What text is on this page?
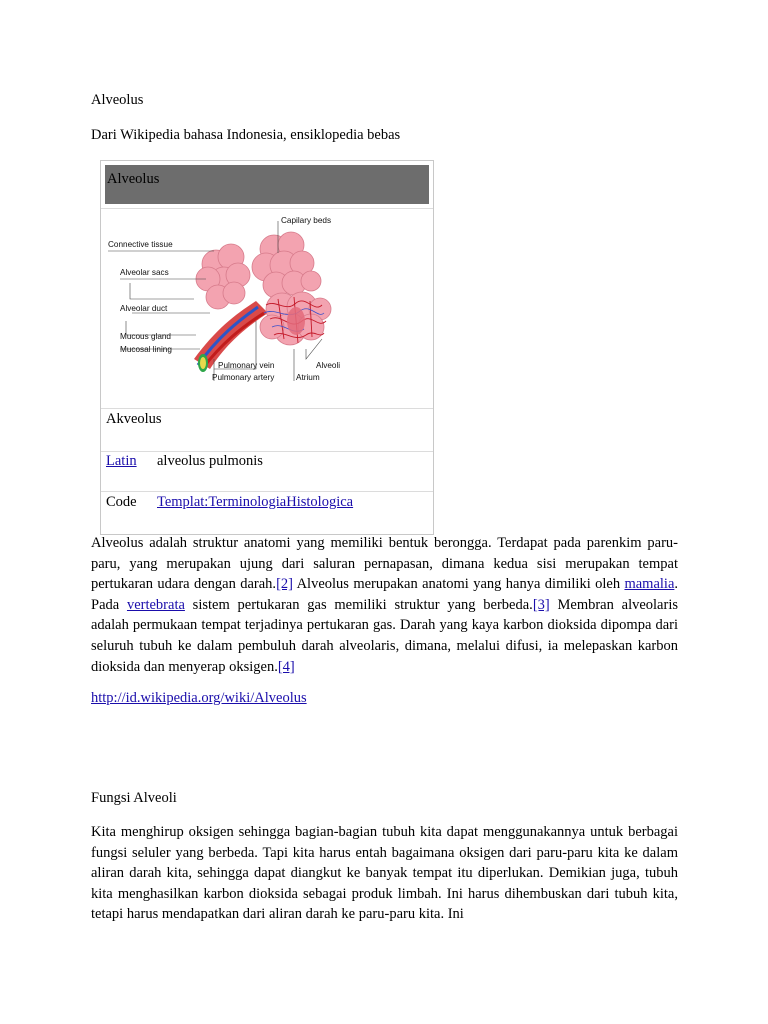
Alveolus

Dari Wikipedia bahasa Indonesia, ensiklopedia bebas

Alveolus
Capilary beds
Connective tissue
Alveolar sacs
Alveolar duct
Mucous gland
Mucosal lining
Pulmonary vein
Pulmonary artery
Alveoli
Atrium
Akveolus
Latin alveolus pulmonis
Code Templat:TerminologiaHistologica

Alveolus adalah struktur anatomi yang memiliki bentuk berongga. Terdapat pada parenkim paru-paru, yang merupakan ujung dari saluran pernapasan, dimana kedua sisi merupakan tempat pertukaran udara dengan darah.[2] Alveolus merupakan anatomi yang hanya dimiliki oleh mamalia. Pada vertebrata sistem pertukaran gas memiliki struktur yang berbeda.[3] Membran alveolaris adalah permukaan tempat terjadinya pertukaran gas. Darah yang kaya karbon dioksida dipompa dari seluruh tubuh ke dalam pembuluh darah alveolaris, dimana, melalui difusi, ia melepaskan karbon dioksida dan menyerap oksigen.[4]

http://id.wikipedia.org/wiki/Alveolus
Fungsi Alveoli

Kita menghirup oksigen sehingga bagian-bagian tubuh kita dapat menggunakannya untuk berbagai fungsi seluler yang berbeda. Tapi kita harus entah bagaimana oksigen dari paru-paru kita ke dalam aliran darah kita, sehingga dapat diangkut ke banyak tempat itu diperlukan. Demikian juga, tubuh kita menghasilkan karbon dioksida sebagai produk limbah. Ini harus dihembuskan dari tubuh kita, tetapi harus mendapatkan dari aliran darah ke paru-paru kita. Ini
